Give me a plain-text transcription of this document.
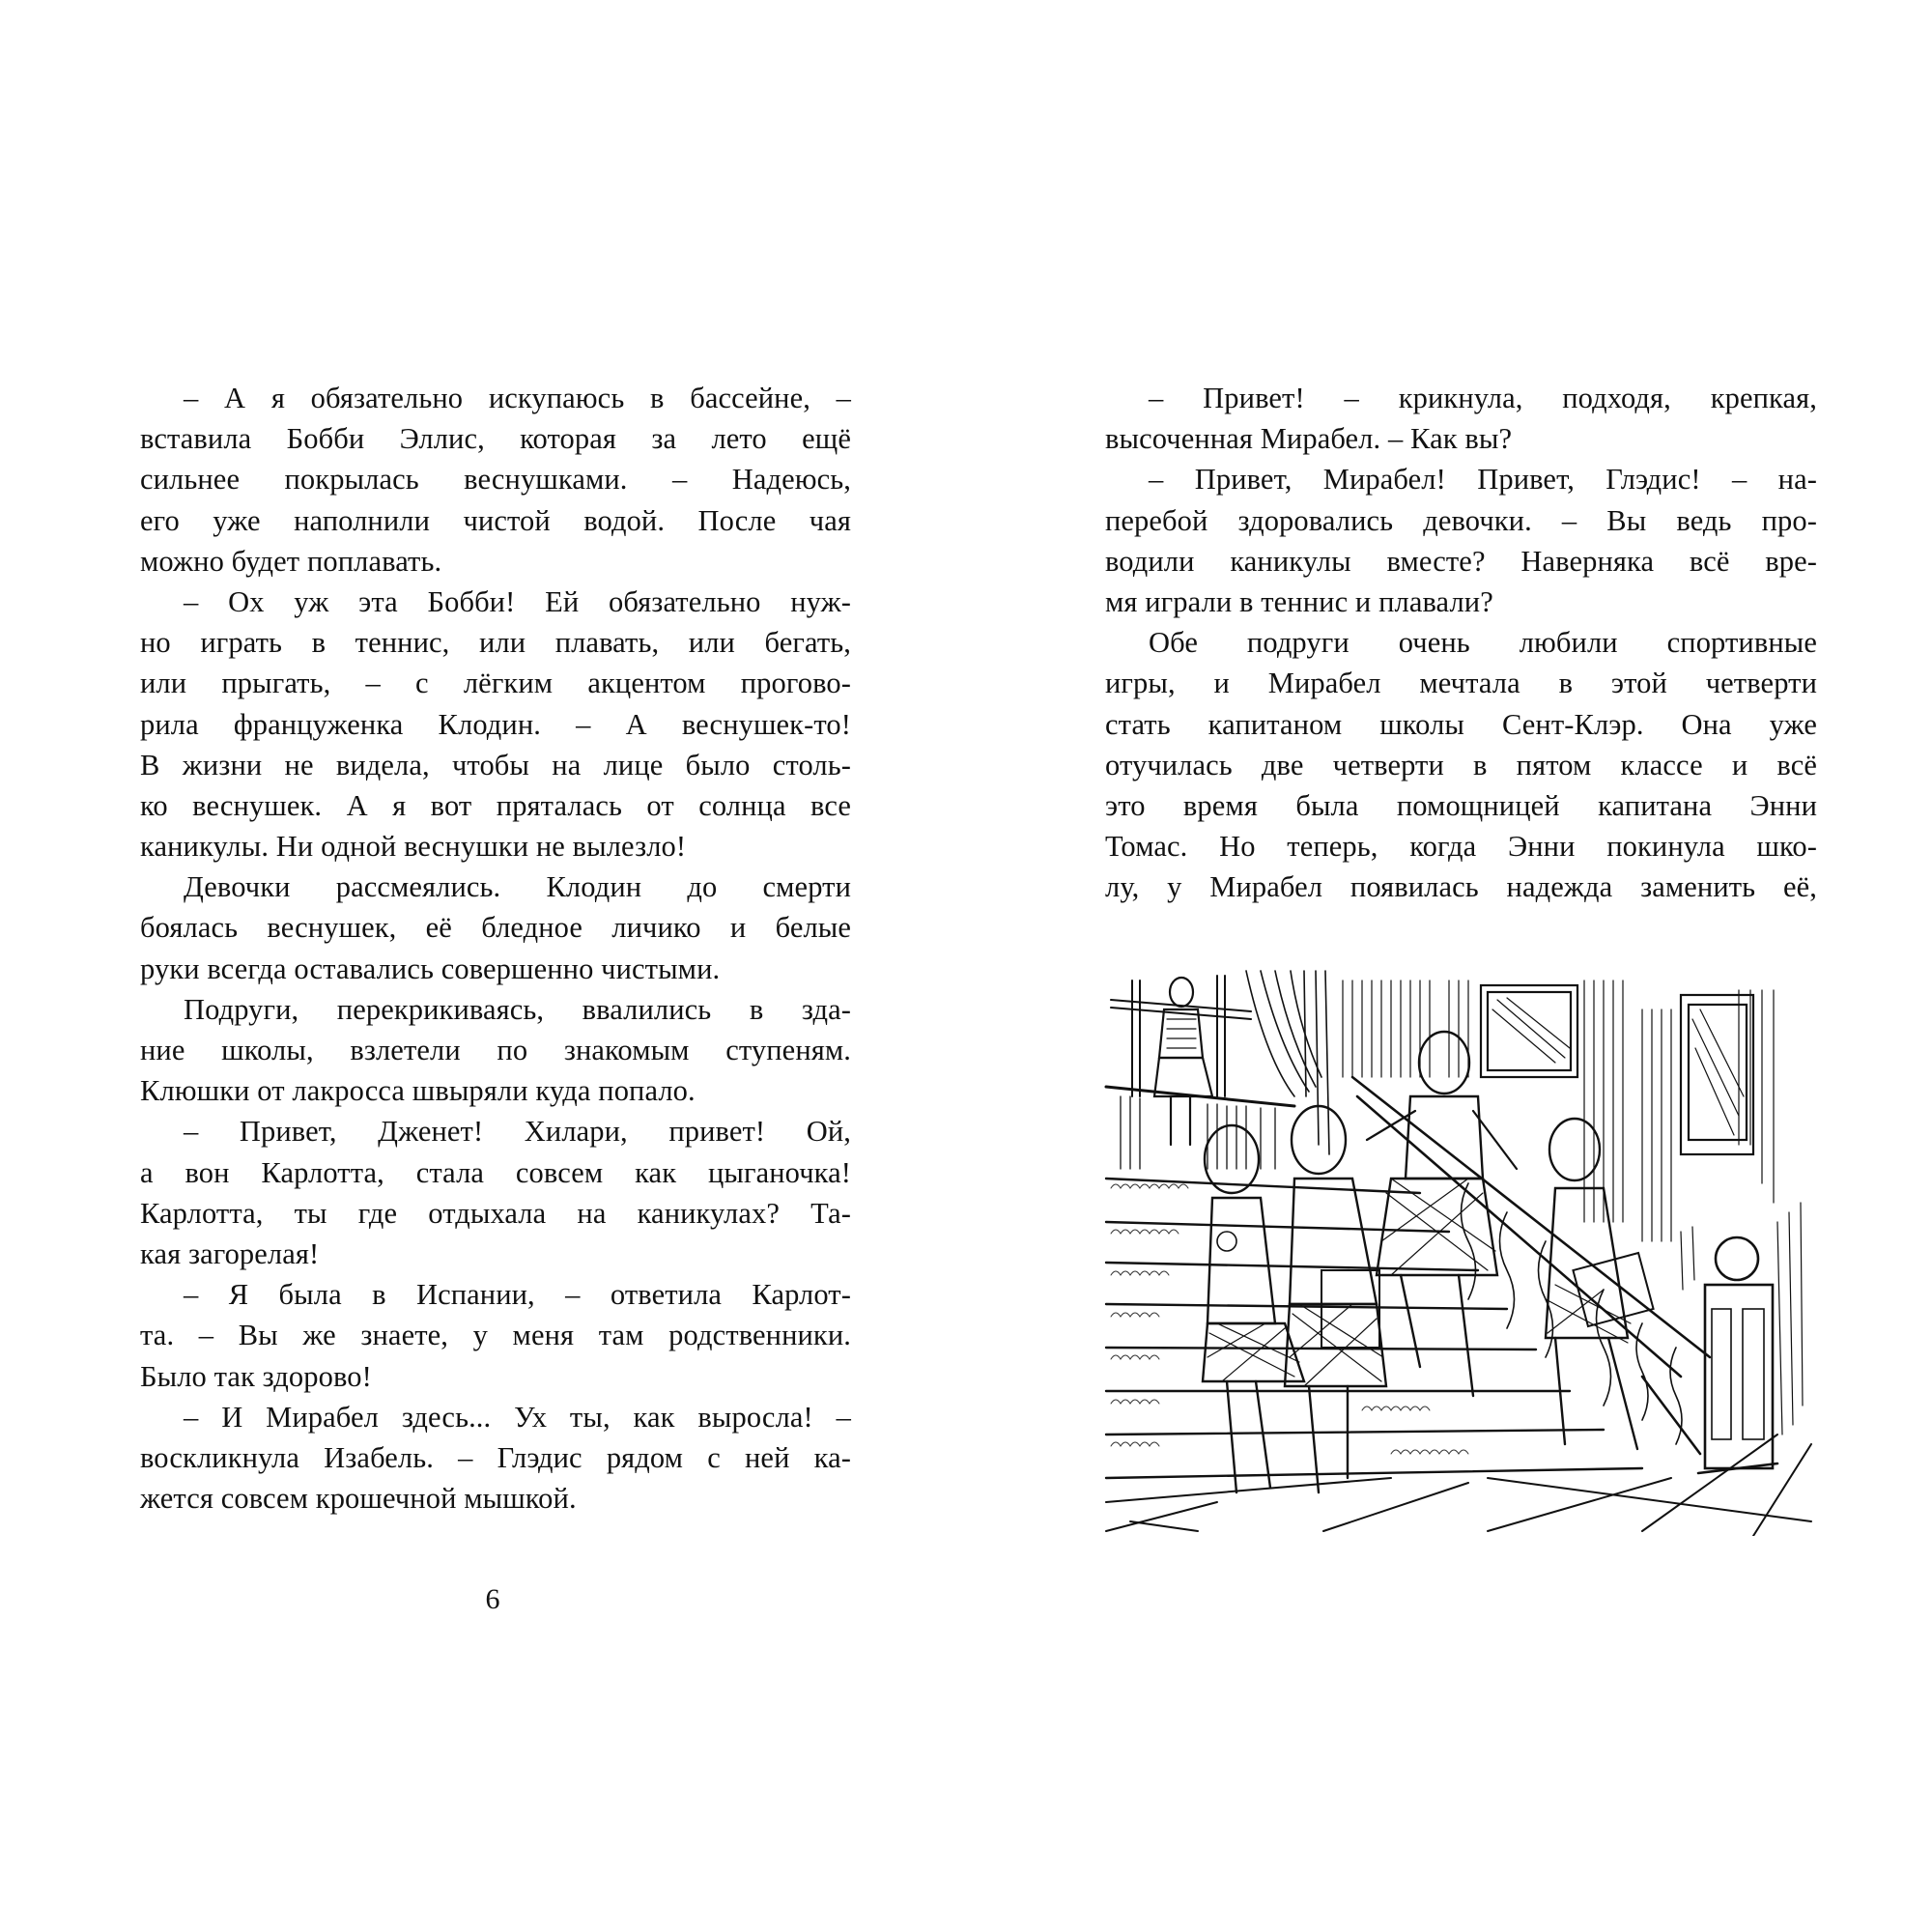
– А я обязательно искупаюсь в бассейне, –
вставила Бобби Эллис, которая за лето ещё
сильнее покрылась веснушками. – Надеюсь,
его уже наполнили чистой водой. После чая
можно будет поплавать.
– Ох уж эта Бобби! Ей обязательно нуж-
но играть в теннис, или плавать, или бегать,
или прыгать, – с лёгким акцентом прогово-
рила француженка Клодин. – А веснушек-то!
В жизни не видела, чтобы на лице было столь-
ко веснушек. А я вот пряталась от солнца все
каникулы. Ни одной веснушки не вылезло!
Девочки рассмеялись. Клодин до смерти
боялась веснушек, её бледное личико и белые
руки всегда оставались совершенно чистыми.
Подруги, перекрикиваясь, ввалились в зда-
ние школы, взлетели по знакомым ступеням.
Клюшки от лакросса швыряли куда попало.
– Привет, Дженет! Хилари, привет! Ой,
а вон Карлотта, стала совсем как цыганочка!
Карлотта, ты где отдыхала на каникулах? Та-
кая загорелая!
– Я была в Испании, – ответила Карлот-
та. – Вы же знаете, у меня там родственники.
Было так здорово!
– И Мирабел здесь... Ух ты, как выросла! –
воскликнула Изабель. – Глэдис рядом с ней ка-
жется совсем крошечной мышкой.
6
– Привет! – крикнула, подходя, крепкая,
высоченная Мирабел. – Как вы?
– Привет, Мирабел! Привет, Глэдис! – на-
перебой здоровались девочки. – Вы ведь про-
водили каникулы вместе? Наверняка всё вре-
мя играли в теннис и плавали?
Обе подруги очень любили спортивные
игры, и Мирабел мечтала в этой четверти
стать капитаном школы Сент-Клэр. Она уже
отучилась две четверти в пятом классе и всё
это время была помощницей капитана Энни
Томас. Но теперь, когда Энни покинула шко-
лу, у Мирабел появилась надежда заменить её,
